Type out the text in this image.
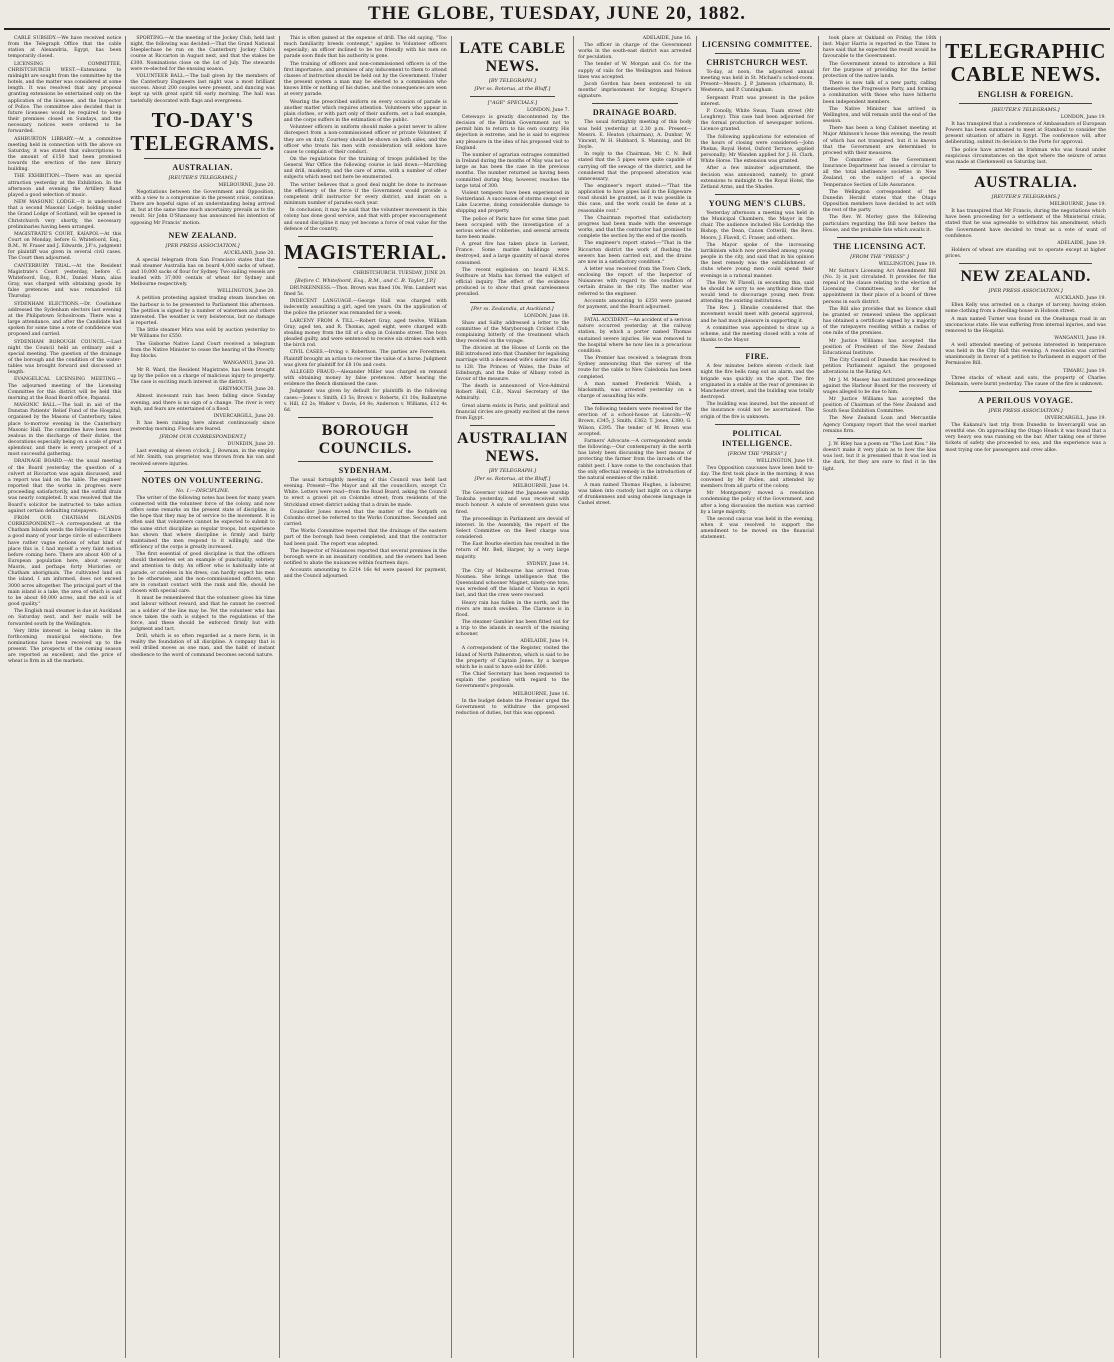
THE GLOBE, TUESDAY, JUNE 20, 1882.

CABLE SUBSIDY.—We have received notice from the Telegraph Office that the cable station at Alexandria, Egypt, has been temporarily closed.

LICENSING COMMITTEE, CHRISTCHURCH WEST.—Extensions to midnight are sought from the committee by the hotels, and the matter was considered at some length. It was resolved that any proposal granting extensions be entertained only on the application of the licensee, and the Inspector of Police. The committee also decided that in future licensees would be required to keep their premises closed on Sundays, and the necessary notices were ordered to be forwarded.

ASHBURTON LIBRARY.—At a committee meeting held in connection with the above on Saturday, it was stated that subscriptions to the amount of £150 had been promised towards the erection of the new library building.

THE EXHIBITION.—There was an special attraction yesterday at the Exhibition. In the afternoon and evening the Artillery Band played a good selection of music.

NEW MASONIC LODGE.—It is understood that a second Masonic Lodge, holding under the Grand Lodge of Scotland, will be opened in Christchurch very shortly, the necessary preliminaries having been arranged.

MAGISTRATE'S COURT, KAIAPOI.—At this Court on Monday, before G. Whitefoord, Esq., R.M., W. Fraser and J. Edwards, J.P.'s, judgment for plaintiff was given in several civil cases. The Court then adjourned.

CANTERBURY TRIAL.—At the Resident Magistrate's Court yesterday, before C. Whitefoord, Esq., R.M., Daniel Mann, alias Gray, was charged with obtaining goods by false pretences and was remanded till Thursday.

SYDENHAM ELECTIONS.—Dr. Cowlishaw addressed the Sydenham electors last evening at the Philipstown Schoolroom. There was a large attendance, and after the Candidate had spoken for some time a vote of confidence was proposed and carried.

SYDENHAM BOROUGH COUNCIL.—Last night the Council held an ordinary and a special meeting. The question of the drainage of the borough and the condition of the water-tables was brought forward and discussed at length.

EVANGELICAL LICENSING MEETING.—The adjourned meeting of the Licensing Committee for this district will be held this morning at the Road Board office, Papanui.

MASONIC BALL.—The ball in aid of the Dunstan Patients' Relief Fund of the Hospital, organised by the Masons of Canterbury, takes place to-morrow evening in the Canterbury Masonic Hall. The committee have been most zealous in the discharge of their duties, the decorations especially being on a scale of great splendour, and there is every prospect of a most successful gathering.

DRAINAGE BOARD.—At the usual meeting of the Board yesterday the question of a culvert at Riccarton was again discussed, and a report was laid on the table. The engineer reported that the works in progress were proceeding satisfactorily, and the outfall drain was nearly completed. It was resolved that the Board's solicitor be instructed to take action against certain defaulting ratepayers.

FROM OUR CHATHAM ISLANDS CORRESPONDENT.—A correspondent at the Chatham Islands sends the following:—"I know a good many of your large circle of subscribers have rather vague notions of what kind of place this is. I had myself a very faint notion before coming here. There are about 400 of a European population here, about seventy Maoris, and perhaps forty Moriories or Chatham aboriginals. The cultivated land on the island, I am informed, does not exceed 3000 acres altogether. The principal part of the main island is a lake, the area of which is said to be about 60,000 acres, and the soil is of good quality."

The English mail steamer is due at Auckland on Saturday next, and her mails will be forwarded south by the Wellington.

Very little interest is being taken in the forthcoming municipal elections; few nominations have been received up to the present. The prospects of the coming season are reported as excellent, and the price of wheat is firm in all the markets.

SPORTING.—At the meeting of the Jockey Club, held last night, the following was decided:—That the Grand National Steeplechase be run on the Canterbury Jockey Club's course at Riccarton in August next, and that the stakes be £300. Nominations close on the 1st of July. The stewards were re-elected for the ensuing season.

VOLUNTEER BALL.—The ball given by the members of the Canterbury Engineers last night was a most brilliant success. About 200 couples were present, and dancing was kept up with great spirit till early morning. The hall was tastefully decorated with flags and evergreens.

TO-DAY'S TELEGRAMS.
AUSTRALIAN.
[REUTER'S TELEGRAMS.]
MELBOURNE, June 20.

Negotiations between the Government and Opposition, with a view to a compromise in the present crisis, continue. There are hopeful signs of an understanding being arrived at, but at the same time much uncertainty prevails as to the result. Sir John O'Shanassy has announced his intention of opposing Mr Francis' motion.

NEW ZEALAND.
[PER PRESS ASSOCIATION.]
AUCKLAND, June 20.

A special telegram from San Francisco states that the mail steamer Australia has on board 4,000 sacks of wheat, and 10,000 sacks of flour for Sydney. Two sailing vessels are loaded with 37,000 centals of wheat for Sydney and Melbourne respectively.

WELLINGTON, June 20.

A petition protesting against trading steam launches on the harbour is to be presented to Parliament this afternoon. The petition is signed by a number of watermen and others interested. The weather is very boisterous, but no damage is reported.

The little steamer Mira was sold by auction yesterday to Mr Williams for £550.

The Gisborne Native Land Court received a telegram from the Native Minister to cease the hearing of the Poverty Bay blocks.

WANGANUI, June 20.

Mr R. Ward, the Resident Magistrate, has been brought up by the police on a charge of malicious injury to property. The case is exciting much interest in the district.

GREYMOUTH, June 20.

Almost incessant rain has been falling since Sunday evening, and there is no sign of a change. The river is very high, and fears are entertained of a flood.

INVERCARGILL, June 20.

It has been raining here almost continuously since yesterday morning. Floods are feared.

[FROM OUR CORRESPONDENT.]
DUNEDIN, June 20.

Last evening at eleven o'clock, J. Bowman, in the employ of Mr. Smith, van proprietor, was thrown from his van and received severe injuries.

NOTES ON VOLUNTEERING.
No. 1.—DISCIPLINE.

The writer of the following notes has been for many years connected with the volunteer force of the colony, and now offers some remarks on the present state of discipline, in the hope that they may be of service to the movement. It is often said that volunteers cannot be expected to submit to the same strict discipline as regular troops, but experience has shown that where discipline is firmly and fairly maintained the men respond to it willingly, and the efficiency of the corps is greatly increased.

The first essential of good discipline is that the officers should themselves set an example of punctuality, sobriety and attention to duty. An officer who is habitually late at parade, or careless in his dress, can hardly expect his men to be otherwise; and the non-commissioned officers, who are in constant contact with the rank and file, should be chosen with special care.

It must be remembered that the volunteer gives his time and labour without reward, and that he cannot be coerced as a soldier of the line may be. Yet the volunteer who has once taken the oath is subject to the regulations of the force, and these should be enforced firmly but with judgment and tact.

Drill, which is so often regarded as a mere form, is in reality the foundation of all discipline. A company that is well drilled moves as one man, and the habit of instant obedience to the word of command becomes second nature.

This is often gained at the expense of drill. The old saying, "Too much familiarity breeds contempt," applies to Volunteer officers especially; an officer inclined to be too friendly with his men on parade soon finds that his authority is gone.

The training of officers and non-commissioned officers is of the first importance, and promises of any inducement to them to attend classes of instruction should be held out by the Government. Under the present system a man may be elected to a commission who knows little or nothing of his duties, and the consequences are seen at every parade.

Wearing the prescribed uniform on every occasion of parade is another matter which requires attention. Volunteers who appear in plain clothes, or with part only of their uniform, set a bad example, and the corps suffers in the estimation of the public.

Volunteer officers in uniform should make a point never to allow disrespect from a non-commissioned officer or private Volunteer, if they are on duty. Courtesy should be shown on both sides, and the officer who treats his men with consideration will seldom have cause to complain of their conduct.

On the regulations for the training of troops published by the General War Office the following course is laid down:—Marching and drill, musketry, and the care of arms, with a number of other subjects which need not here be enumerated.

The writer believes that a good deal might be done to increase the efficiency of the force if the Government would provide a competent drill instructor for every district, and insist on a minimum number of parades each year.

In conclusion, it may be said that the volunteer movement in this colony has done good service, and that with proper encouragement and sound discipline it may yet become a force of real value for the defence of the country.

MAGISTERIAL.
CHRISTCHURCH. TUESDAY, JUNE 20.
[Before C. Whitefoord, Esq., R.M., and C. B. Taylor, J.P.]

DRUNKENNESS.—Thos. Brown was fined 10s. Wm. Lambert was fined 5s.

INDECENT LANGUAGE.—George Hall was charged with indecently assaulting a girl, aged ten years. On the application of the police the prisoner was remanded for a week.

LARCENY FROM A TILL.—Robert Gray, aged twelve, William Gray, aged ten, and R. Thomas, aged eight, were charged with stealing money from the till of a shop in Colombo street. The boys pleaded guilty, and were sentenced to receive six strokes each with the birch rod.

CIVIL CASES.—Irving v. Robertson. The parties are Forestmen. Plaintiff brought an action to recover the value of a horse. Judgment was given for plaintiff for £8 10s and costs.

ALLEGED FRAUD.—Alexander Miller was charged on remand with obtaining money by false pretences. After hearing the evidence the Bench dismissed the case.

Judgment was given by default for plaintiffs in the following cases:—Jones v. Smith, £3 5s; Brown v. Roberts, £1 10s; Ballantyne v. Hill, £2 2s; Walker v. Davis, £4 8s; Anderson v. Williams, £12 4s 6d.

BOROUGH COUNCILS.
SYDENHAM.

The usual fortnightly meeting of this Council was held last evening. Present—The Mayor and all the councillors, except Cr. White. Letters were read—from the Road Board, asking the Council to erect a gravel pit on Colombo street; from residents of the Strickland street district asking that a drain be made.

Councillor Jones moved that the matter of the footpath on Colombo street be referred to the Works Committee. Seconded and carried.

The Works Committee reported that the drainage of the eastern part of the borough had been completed, and that the contractor had been paid. The report was adopted.

The Inspector of Nuisances reported that several premises in the borough were in an insanitary condition, and the owners had been notified to abate the nuisances within fourteen days.

Accounts amounting to £214 16s 4d were passed for payment, and the Council adjourned.

LATE CABLE NEWS.
[BY TELEGRAPH.]
[Per ss. Rotorua, at the Bluff.]
["AGE" SPECIALS.]
LONDON, June 7.

Cetewayo is greatly discontented by the decision of the British Government not to permit him to return to his own country. His dejection is extreme, and he is said to express any pleasure in the idea of his proposed visit to England.

The number of agrarian outrages committed in Ireland during the months of May was not so large as has been the case in the previous months. The number returned as having been committed during May, however, reaches the large total of 300.

Violent tempests have been experienced in Switzerland. A succession of storms swept over Lake Lucerne, doing considerable damage to shipping and property.

The police of Paris have for some time past been occupied with the investigation of a serious series of robberies, and several arrests have been made.

A great fire has taken place in Lorient, France. Some marine buildings were destroyed, and a large quantity of naval stores consumed.

The recent explosion on board H.M.S. Swiftsure at Malta has formed the subject of official inquiry. The effect of the evidence produced is to show that great carelessness prevailed.

[Per ss. Zealandia, at Auckland.]
LONDON, June 18.

Shaw and Salby addressed a letter to the committee of the Maryborough Cricket Club, complaining bitterly of the treatment which they received on the voyage.

The division at the House of Lords on the Bill introduced into that Chamber for legalising marriage with a deceased wife's sister was 162 to 128. The Princes of Wales, the Duke of Edinburgh, and the Duke of Albany voted in favour of the measure.

The death is announced of Vice-Admiral Robert Hall, C.B., Naval Secretary of the Admiralty.

Great alarm exists in Paris, and political and financial circles are greatly excited at the news from Egypt.

AUSTRALIAN NEWS.
[BY TELEGRAPH.]
[Per ss. Rotorua, at the Bluff.]
MELBOURNE, June 14.

The Governor visited the Japanese warship Tsukuba yesterday, and was received with much honour. A salute of seventeen guns was fired.

The proceedings in Parliament are devoid of interest. In the Assembly, the report of the Select Committee on the Beef charge was considered.

The East Bourke election has resulted in the return of Mr. Bell, Harper, by a very large majority.

SYDNEY, June 14.

The City of Melbourne has arrived from Noumea. She brings intelligence that the Queensland schooner Magnet, ninety-one tons, was wrecked off the Island of Vanua in April last, and that the crew were rescued.

Heavy rain has fallen in the north, and the rivers are much swollen. The Clarence is in flood.

The steamer Gambier has been fitted out for a trip to the islands in search of the missing schooner.

ADELAIDE, June 14.

A correspondent of the Register, visited the Island of North Palmerston, which is said to be the property of Captain Jones, by a barque which he is said to have sold for £600.

The Chief Secretary has been requested to explain the position with regard to the Government's proposals.

MELBOURNE, June 16.

In the budget debate the Premier urged the Government to withdraw the proposed reduction of duties, but this was opposed.

ADELAIDE, June 16.

The officer in charge of the Government works in the south-east district was arrested for peculation.

The tender of W. Morgan and Co. for the supply of rails for the Wellington and Nelson lines was accepted.

Jacob Gordon has been sentenced to six months' imprisonment for forging Kruger's signature.

DRAINAGE BOARD.

The usual fortnightly meeting of this body was held yesterday at 2.30 p.m. Present—Messrs. E. Heaton (chairman), A. Dunbar, W. Vincent, W. H. Hubbard, S. Manning, and Dr. Doyle.

In reply to the Chairman, Mr. C. N. Bell stated that the 5 pipes were quite capable of carrying off the sewage of the district, and he considered that the proposed alteration was unnecessary.

The engineer's report stated:—"That the application to have pipes laid in the Edgeware road should be granted, as it was possible in this case, and the work could be done at a reasonable cost."

The Chairman reported that satisfactory progress had been made with the sewerage works, and that the contractor had promised to complete the section by the end of the month.

The engineer's report stated:—"That in the Riccarton district the work of flushing the sewers has been carried out, and the drains are now in a satisfactory condition."

A letter was received from the Town Clerk, enclosing the report of the Inspector of Nuisances with regard to the condition of certain drains in the city. The matter was referred to the engineer.

Accounts amounting to £350 were passed for payment, and the Board adjourned.

FATAL ACCIDENT.—An accident of a serious nature occurred yesterday at the railway station, by which a porter named Thomas sustained severe injuries. He was removed to the hospital where he now lies in a precarious condition.

The Premier has received a telegram from Sydney announcing that the survey of the route for the cable to New Caledonia has been completed.

A man named Frederick Walsh, a blacksmith, was arrested yesterday on a charge of assaulting his wife.

The following tenders were received for the erection of a school-house at Lincoln:—W. Brown, £345; J. Smith, £362; T. Jones, £380; G. Wilson, £395. The tender of W. Brown was accepted.

Farmers' Advocate.—A correspondent sends the following:—Our contemporary in the north has lately been discussing the best means of protecting the farmer from the inroads of the rabbit pest. I have come to the conclusion that the only effectual remedy is the introduction of the natural enemies of the rabbit.

A man named Thomas Hughes, a labourer, was taken into custody last night on a charge of drunkenness and using obscene language in Cashel street.

LICENSING COMMITTEE.
CHRISTCHURCH WEST.

To-day, at noon, the adjourned annual meeting was held in St. Michael's school-room. Present—Messrs. J. P. Jameson (chairman), R. Westenra, and P. Cunningham.

Sergeant Pratt was present in the police interest.

P. Conolly, White Swan, Tuam street (Mr Loughrey). This case had been adjourned for the formal production of newspaper notices. Licence granted.

The following applications for extension of the hours of closing were considered:—John Phelan, Royal Hotel, Oxford Terrace, applied personally; Mr Wanden applied for J. H. Clark, White Horse. The extension was granted.

After a few minutes' adjournment, the decision was announced, namely, to grant extensions to midnight to the Royal Hotel, the Zetland Arms, and the Shades.

YOUNG MEN'S CLUBS.

Yesterday afternoon a meeting was held in the Municipal Chambers, the Mayor in the chair. The audience included His Lordship the Bishop, the Dean, Canon Cotterill, the Revs. Moore, J. Flavell, C. Fraser, and others.

The Mayor spoke of the increasing larrikinism which now prevailed among young people in the city, and said that in his opinion the best remedy was the establishment of clubs where young men could spend their evenings in a rational manner.

The Rev. W. Flavell, in seconding this, said he should be sorry to see anything done that would tend to discourage young men from attending the existing institutions.

The Rev. J. Elmslie considered that the movement would meet with general approval, and he had much pleasure in supporting it.

A committee was appointed to draw up a scheme, and the meeting closed with a vote of thanks to the Mayor.

FIRE.

A few minutes before eleven o'clock last night the fire bells rang out an alarm, and the brigade was quickly on the spot. The fire originated in a stable at the rear of premises in Manchester street, and the building was totally destroyed.

The building was insured, but the amount of the insurance could not be ascertained. The origin of the fire is unknown.

POLITICAL INTELLIGENCE.
[FROM THE "PRESS".]
WELLINGTON, June 19.

Two Opposition caucuses have been held to-day. The first took place in the morning; it was convened by Mr Pollen, and attended by members from all parts of the colony.

Mr Montgomery moved a resolution condemning the policy of the Government, and after a long discussion the motion was carried by a large majority.

The second caucus was held in the evening, when it was resolved to support the amendment to be moved on the financial statement.

took place at Oakland on Friday, the 16th inst. Major Harris is reported in the Times to have said that he expected the result would be favourable to the Government.

The Government intend to introduce a Bill for the purpose of providing for the better protection of the native lands.

There is now talk of a new party, calling themselves the Progressive Party, and forming a combination with those who have hitherto been independent members.

The Native Minister has arrived in Wellington, and will remain until the end of the session.

There has been a long Cabinet meeting at Major Atkinson's house this evening, the result of which has not transpired, but it is known that the Government are determined to proceed with their measures.

The Committee of the Government Insurance Department has issued a circular to all the total abstinence societies in New Zealand, on the subject of a special Temperance Section of Life Assurance.

The Wellington correspondent of the Dunedin Herald states that the Otago Opposition members have decided to act with the rest of the party.

The Rev. W. Morley gave the following particulars regarding the Bill now before the House, and the probable fate which awaits it.

THE LICENSING ACT.
[FROM THE "PRESS".]
WELLINGTON, June 19.

Mr Sutton's Licensing Act Amendment Bill (No. 3) is just circulated. It provides for the repeal of the clause relating to the election of Licensing Committees, and for the appointment in their place of a board of three persons in each district.

The Bill also provides that no licence shall be granted or renewed unless the applicant has obtained a certificate signed by a majority of the ratepayers residing within a radius of one mile of the premises.

Mr Justice Williams has accepted the position of President of the New Zealand Educational Institute.

The City Council of Dunedin has resolved to petition Parliament against the proposed alterations in the Rating Act.

Mr J. M. Massey has instituted proceedings against the Harbour Board for the recovery of wages alleged to be due to him.

Mr Justice Williams has accepted the position of Chairman of the New Zealand and South Seas Exhibition Committee.

The New Zealand Loan and Mercantile Agency Company report that the wool market remains firm.

J. W. Riley has a poem on "The Lost Kiss." He doesn't make it very plain as to how the kiss was lost, but it is presumed that it was lost in the dark, for they are sure to find it in the light.

TELEGRAPHIC CABLE NEWS.
ENGLISH & FOREIGN.
[REUTER'S TELEGRAMS.]
LONDON, June 19.

It has transpired that a conference of Ambassadors of European Powers has been summoned to meet at Stamboul to consider the present situation of affairs in Egypt. The conference will, after deliberating, submit its decision to the Porte for approval.

The police have arrested an Irishman who was found under suspicious circumstances on the spot where the seizure of arms was made at Clerkenwell on Saturday last.

AUSTRALIA.
[REUTER'S TELEGRAMS.]
MELBOURNE, June 19.

It has transpired that Mr Francis, during the negotiations which have been proceeding for a settlement of the Ministerial crisis, stated that he was agreeable to withdraw his amendment, which the Government have decided to treat as a vote of want of confidence.

ADELAIDE, June 19.

Holders of wheat are standing out to operate except at higher prices.

NEW ZEALAND.
[PER PRESS ASSOCIATION.]
AUCKLAND, June 19.

Ellen Kelly was arrested on a charge of larceny, having stolen some clothing from a dwelling-house in Hobson street.

A man named Turner was found on the Onehunga road in an unconscious state. He was suffering from internal injuries, and was removed to the Hospital.

WANGANUI, June 19.

A well attended meeting of persons interested in temperance was held in the City Hall this evening. A resolution was carried unanimously in favour of a petition to Parliament in support of the Permissive Bill.

TIMARU, June 19.

Three stacks of wheat and oats, the property of Charles Delamain, were burnt yesterday. The cause of the fire is unknown.

A PERILOUS VOYAGE.
[PER PRESS ASSOCIATION.]
INVERCARGILL, June 19.

The Kakanui's last trip from Dunedin to Invercargill was an eventful one. On approaching the Otago Heads it was found that a very heavy sea was running on the bar. After taking one of three tickets of safety she proceeded to sea, and the experience was a most trying one for passengers and crew alike.
